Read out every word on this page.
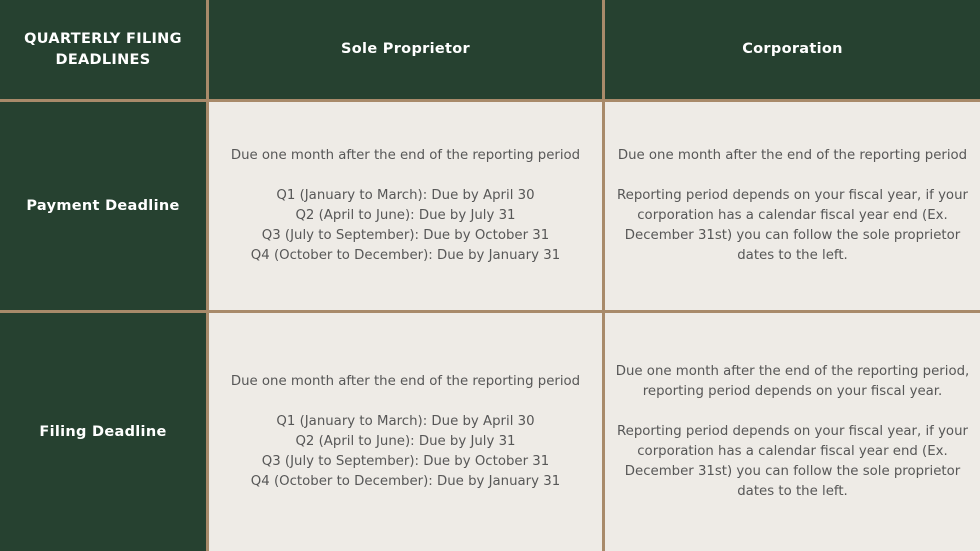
QUARTERLY FILING
DEADLINES
Sole Proprietor	Corporation
Payment Deadline
Due one month after the end of the reporting period
Q1 (January to March): Due by April 30
Q2 (April to June): Due by July 31
Q3 (July to September): Due by October 31
Q4 (October to December): Due by January 31
Due one month after the end of the reporting period
Reporting period depends on your fiscal year, if your corporation has a calendar fiscal year end (Ex. December 31st) you can follow the sole proprietor dates to the left.
Filing Deadline
Due one month after the end of the reporting period
Q1 (January to March): Due by April 30
Q2 (April to June): Due by July 31
Q3 (July to September): Due by October 31
Q4 (October to December): Due by January 31
Due one month after the end of the reporting period, reporting period depends on your fiscal year.
Reporting period depends on your fiscal year, if your corporation has a calendar fiscal year end (Ex. December 31st) you can follow the sole proprietor dates to the left.
